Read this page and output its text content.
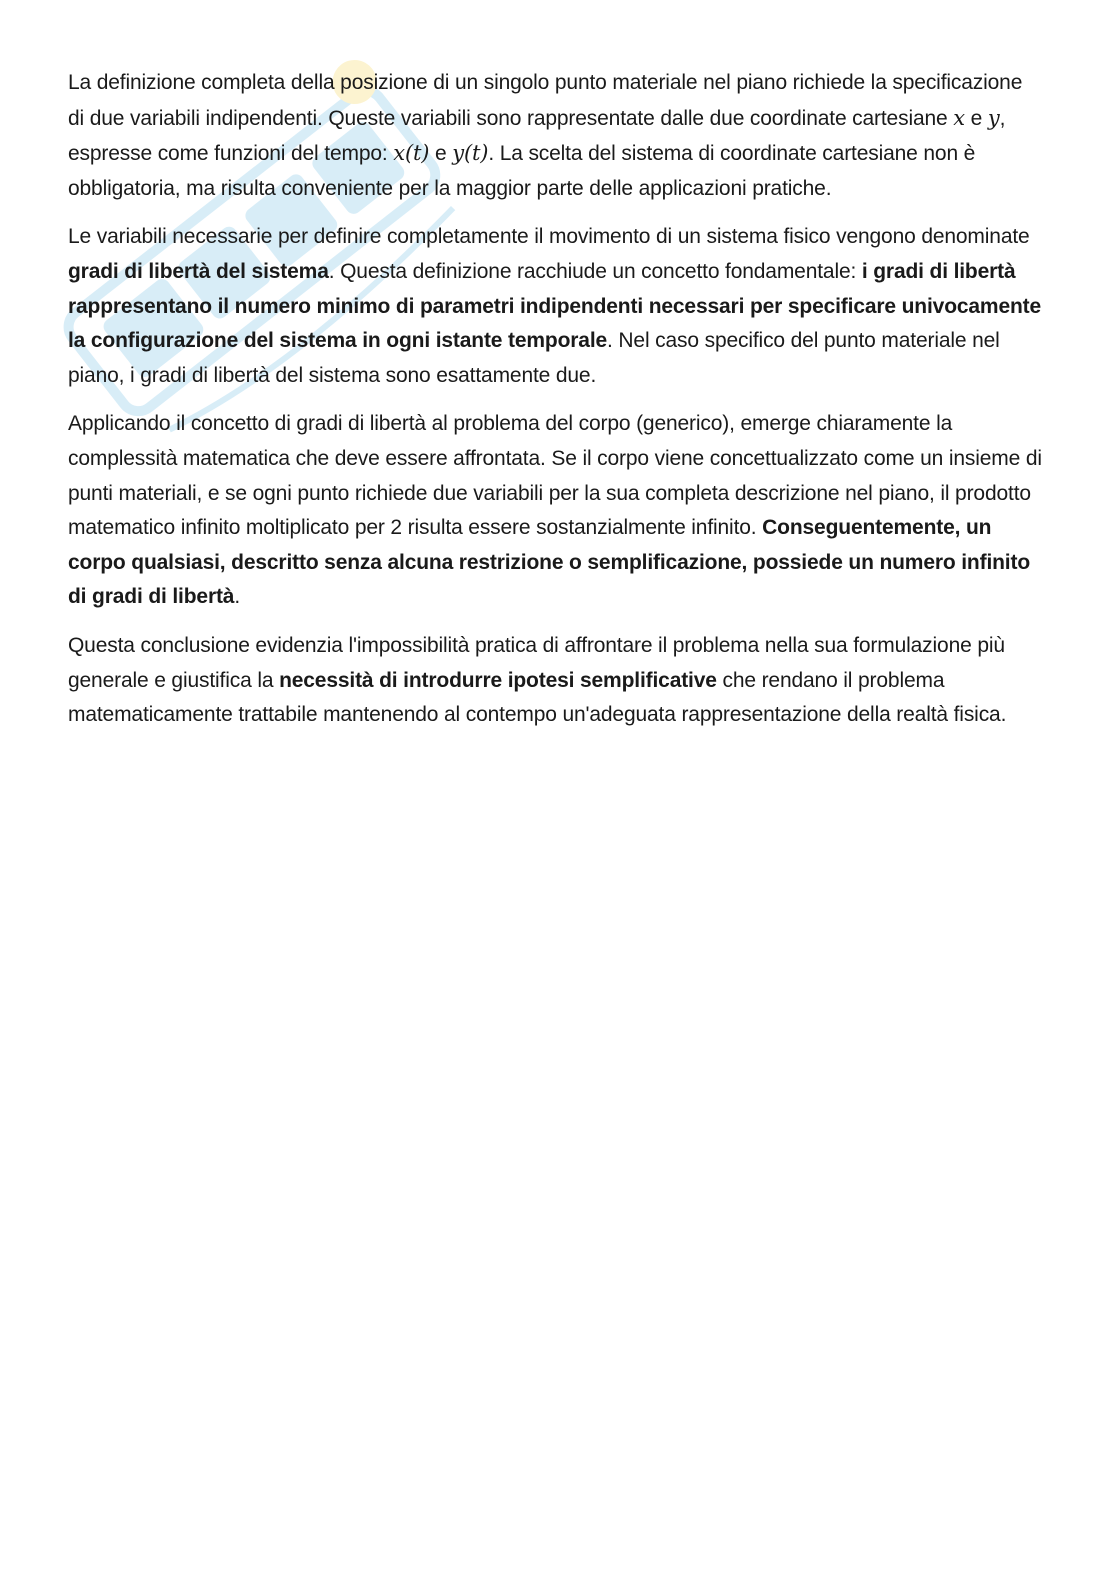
La definizione completa della posizione di un singolo punto materiale nel piano richiede la specificazione di due variabili indipendenti. Queste variabili sono rappresentate dalle due coordinate cartesiane x e y, espresse come funzioni del tempo: x(t) e y(t). La scelta del sistema di coordinate cartesiane non è obbligatoria, ma risulta conveniente per la maggior parte delle applicazioni pratiche.

Le variabili necessarie per definire completamente il movimento di un sistema fisico vengono denominate gradi di libertà del sistema. Questa definizione racchiude un concetto fondamentale: i gradi di libertà rappresentano il numero minimo di parametri indipendenti necessari per specificare univocamente la configurazione del sistema in ogni istante temporale. Nel caso specifico del punto materiale nel piano, i gradi di libertà del sistema sono esattamente due.

Applicando il concetto di gradi di libertà al problema del corpo (generico), emerge chiaramente la complessità matematica che deve essere affrontata. Se il corpo viene concettualizzato come un insieme di punti materiali, e se ogni punto richiede due variabili per la sua completa descrizione nel piano, il prodotto matematico infinito moltiplicato per 2 risulta essere sostanzialmente infinito. Conseguentemente, un corpo qualsiasi, descritto senza alcuna restrizione o semplificazione, possiede un numero infinito di gradi di libertà.

Questa conclusione evidenzia l'impossibilità pratica di affrontare il problema nella sua formulazione più generale e giustifica la necessità di introdurre ipotesi semplificative che rendano il problema matematicamente trattabile mantenendo al contempo un'adeguata rappresentazione della realtà fisica.
